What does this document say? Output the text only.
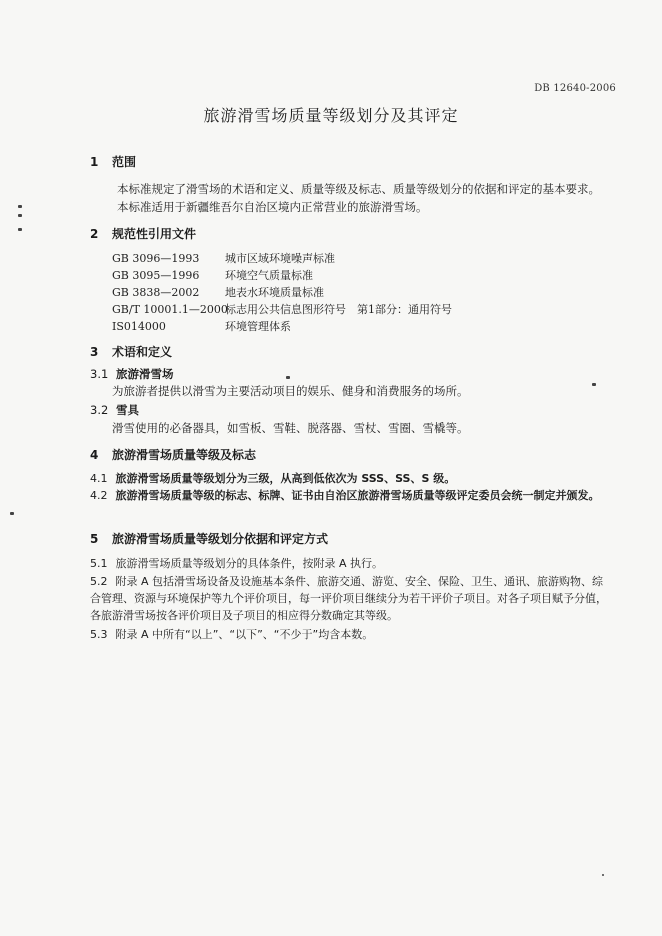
DB 12640-2006
旅游滑雪场质量等级划分及其评定
1 范围
本标准规定了滑雪场的术语和定义、质量等级及标志、质量等级划分的依据和评定的基本要求。
本标准适用于新疆维吾尔自治区境内正常营业的旅游滑雪场。
2 规范性引用文件
GB 3096—1993 城市区域环境噪声标准
GB 3095—1996 环境空气质量标准
GB 3838—2002 地表水环境质量标准
GB/T 10001.1—2000标志用公共信息图形符号　第1部分：通用符号
IS014000	环境管理体系
3 术语和定义
3.1 旅游滑雪场
为旅游者提供以滑雪为主要活动项目的娱乐、健身和消费服务的场所。
3.2 雪具
滑雪使用的必备器具，如雪板、雪鞋、脱落器、雪杖、雪圈、雪橇等。
4 旅游滑雪场质量等级及标志
4.1 旅游滑雪场质量等级划分为三级，从高到低依次为 SSS、SS、S 级。
4.2 旅游滑雪场质量等级的标志、标牌、证书由自治区旅游滑雪场质量等级评定委员会统一制定并颁发。
5 旅游滑雪场质量等级划分依据和评定方式
5.1 旅游滑雪场质量等级划分的具体条件，按附录 A 执行。
5.2 附录 A 包括滑雪场设备及设施基本条件、旅游交通、游览、安全、保险、卫生、通讯、旅游购物、综合管理、资源与环境保护等九个评价项目，每一评价项目继续分为若干评价子项目。对各子项目赋予分值，各旅游滑雪场按各评价项目及子项目的相应得分数确定其等级。
5.3 附录 A 中所有“以上”、“以下”、“不少于”均含本数。
